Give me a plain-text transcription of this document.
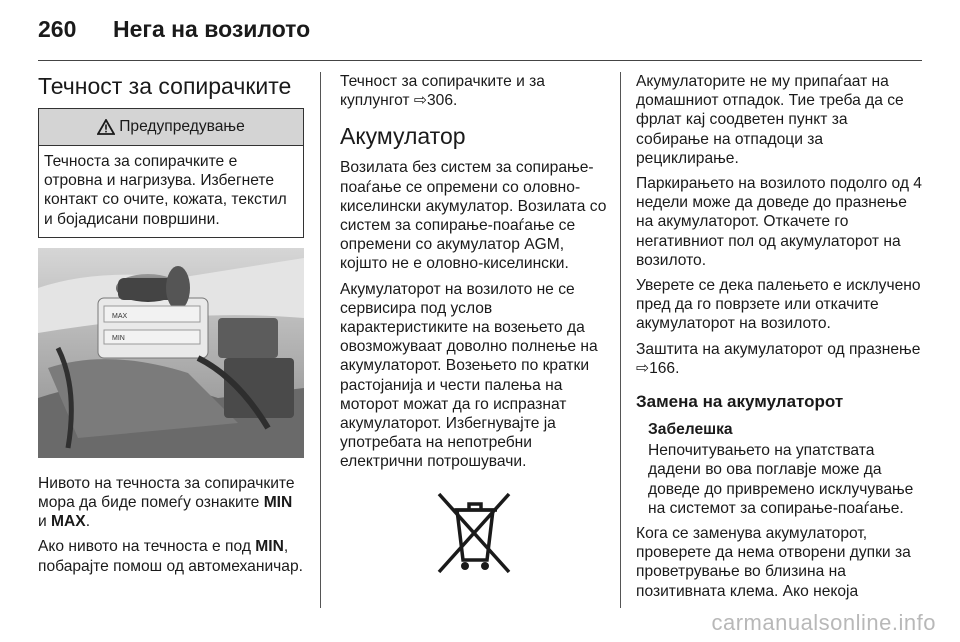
260 Нега на возилото
Течност за сопирачките
Предупредување
Течноста за сопирачките е отровна и нагризува. Избегнете контакт со очите, кожата, текстил и бојадисани површини.
MAX
MIN

Нивото на течноста за сопирачките мора да биде помеѓу ознаките MIN и MAX.

Ако нивото на течноста е под MIN, побарајте помош од автомеханичар.

Течност за сопирачките и за куплунгот ⇨306.

Акумулатор

Возилата без систем за сопирање-поаѓање се опремени со оловно-киселински акумулатор. Возилата со систем за сопирање-поаѓање се опремени со акумулатор AGM, којшто не е оловно-киселински.

Акумулаторот на возилото не се сервисира под услов карактеристиките на возењето да овозможуваат доволно полнење на акумулаторот. Возењето по кратки растојанија и чести палења на моторот можат да го испразнат акумулаторот. Избегнувајте ја употребата на непотребни електрични потрошувачи.

Акумулаторите не му припаѓаат на домашниот отпадок. Тие треба да се фрлат кај соодветен пункт за собирање на отпадоци за рециклирање.

Паркирањето на возилото подолго од 4 недели може да доведе до празнење на акумулаторот. Откачете го негативниот пол од акумулаторот на возилото.

Уверете се дека палењето е исклучено пред да го поврзете или откачите акумулаторот на возилото.

Заштита на акумулаторот од празнење ⇨166.

Замена на акумулаторот
Забелешка

Непочитувањето на упатствата дадени во ова поглавје може да доведе до привремено исклучување на системот за сопирање-поаѓање.

Кога се заменува акумулаторот, проверете да нема отворени дупки за проветрување во близина на позитивната клема. Ако некоја

carmanualsonline.info
